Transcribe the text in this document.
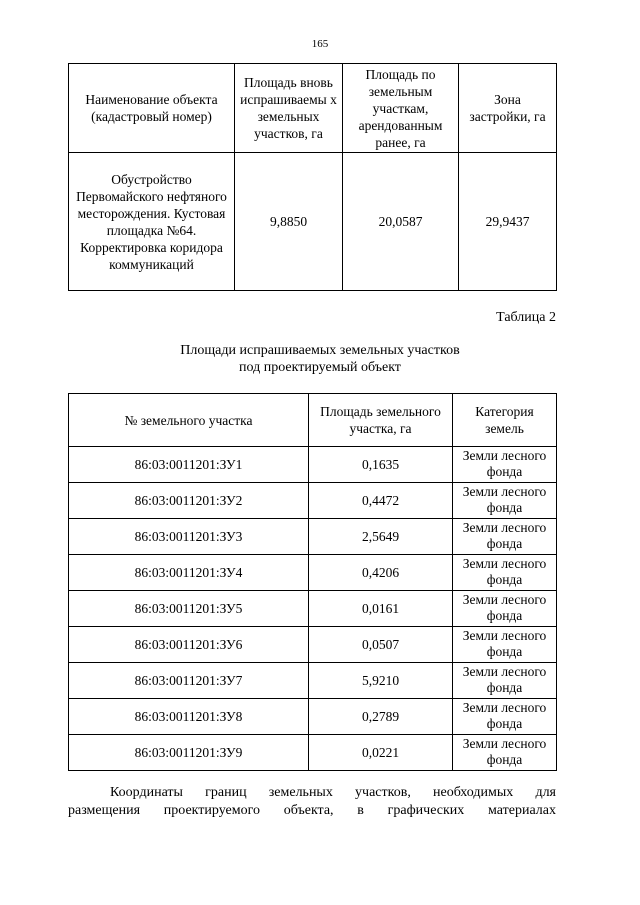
165
Наименование объекта (кадастровый номер)	Площадь вновь испрашиваемы х земельных участков, га	Площадь по земельным участкам, арендованным ранее, га	Зона застройки, га
Обустройство Первомайского нефтяного месторождения. Кустовая площадка №64. Корректировка коридора коммуникаций	9,8850	20,0587	29,9437
Таблица 2
Площади испрашиваемых земельных участков
под проектируемый объект
№ земельного участка	Площадь земельного участка, га	Категория земель
86:03:0011201:ЗУ1	0,1635	Земли лесного фонда
86:03:0011201:ЗУ2	0,4472	Земли лесного фонда
86:03:0011201:ЗУ3	2,5649	Земли лесного фонда
86:03:0011201:ЗУ4	0,4206	Земли лесного фонда
86:03:0011201:ЗУ5	0,0161	Земли лесного фонда
86:03:0011201:ЗУ6	0,0507	Земли лесного фонда
86:03:0011201:ЗУ7	5,9210	Земли лесного фонда
86:03:0011201:ЗУ8	0,2789	Земли лесного фонда
86:03:0011201:ЗУ9	0,0221	Земли лесного фонда
Координаты границ земельных участков, необходимых для
размещения проектируемого объекта, в графических материалах
